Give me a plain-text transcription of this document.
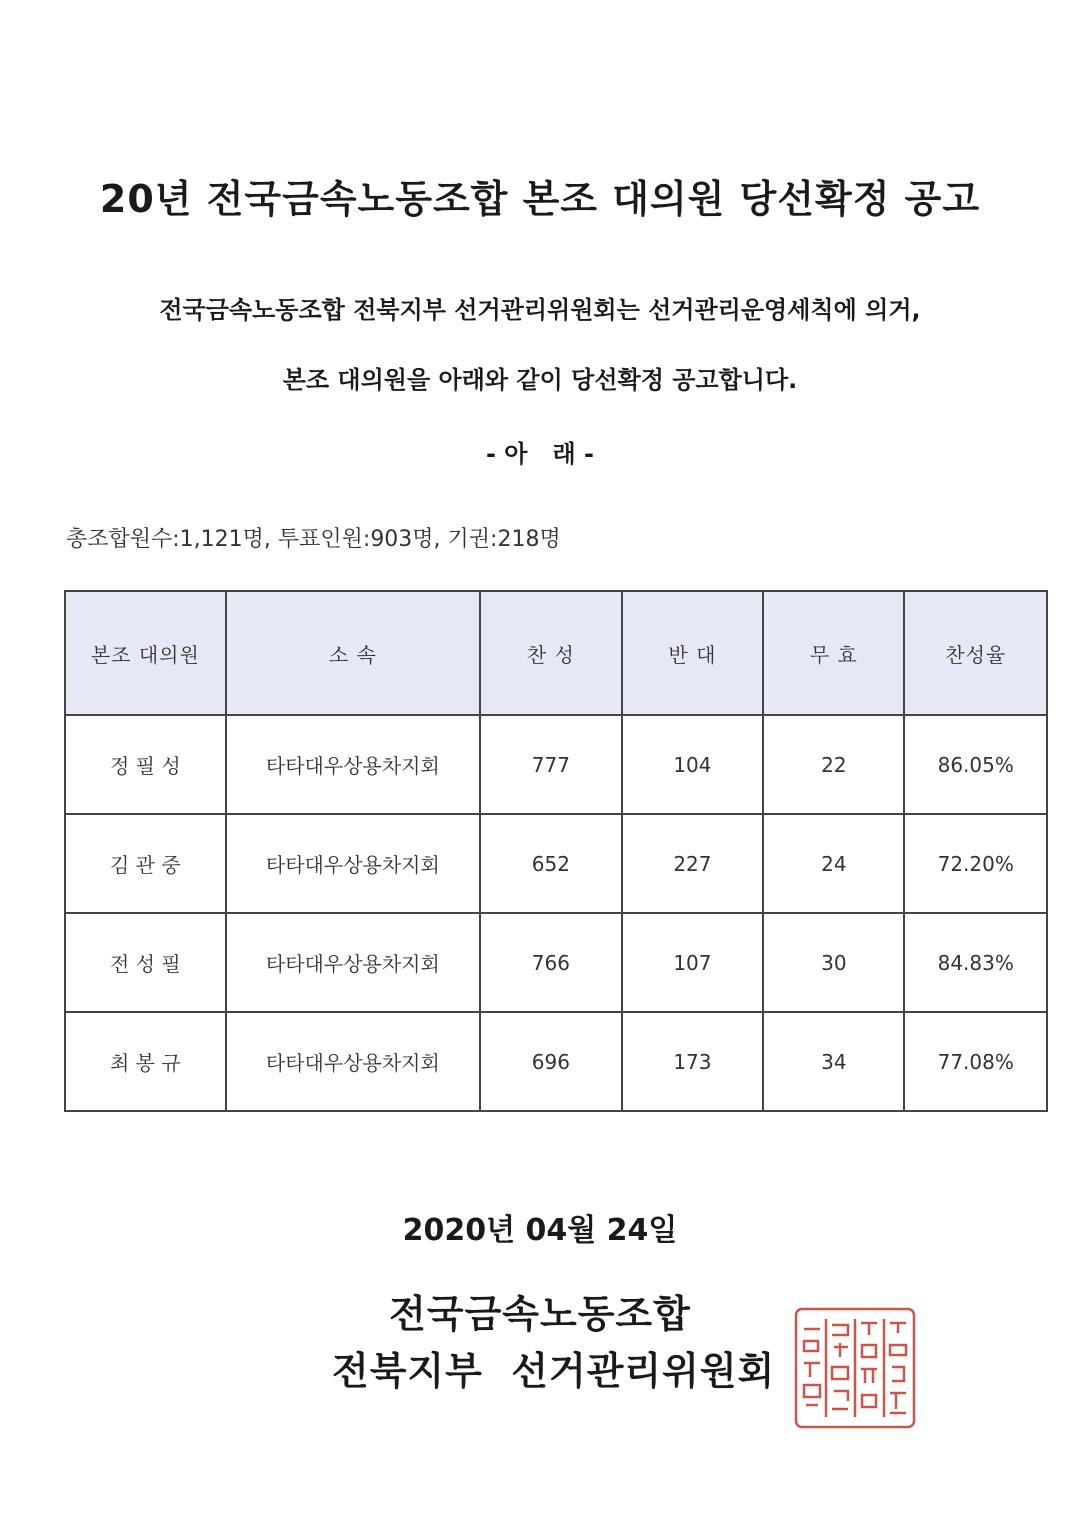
20년 전국금속노동조합 본조 대의원 당선확정 공고
전국금속노동조합 전북지부 선거관리위원회는 선거관리운영세칙에 의거,
본조 대의원을 아래와 같이 당선확정 공고합니다.
- 아   래 -
총조합원수:1,121명, 투표인원:903명, 기권:218명
본조 대의원	소 속	찬 성	반 대	무 효	찬성율
정 필 성	타타대우상용차지회	777	104	22	86.05%
김 관 중	타타대우상용차지회	652	227	24	72.20%
전 성 필	타타대우상용차지회	766	107	30	84.83%
최 봉 규	타타대우상용차지회	696	173	34	77.08%
2020년 04월 24일
전국금속노동조합
전북지부  선거관리위원회
